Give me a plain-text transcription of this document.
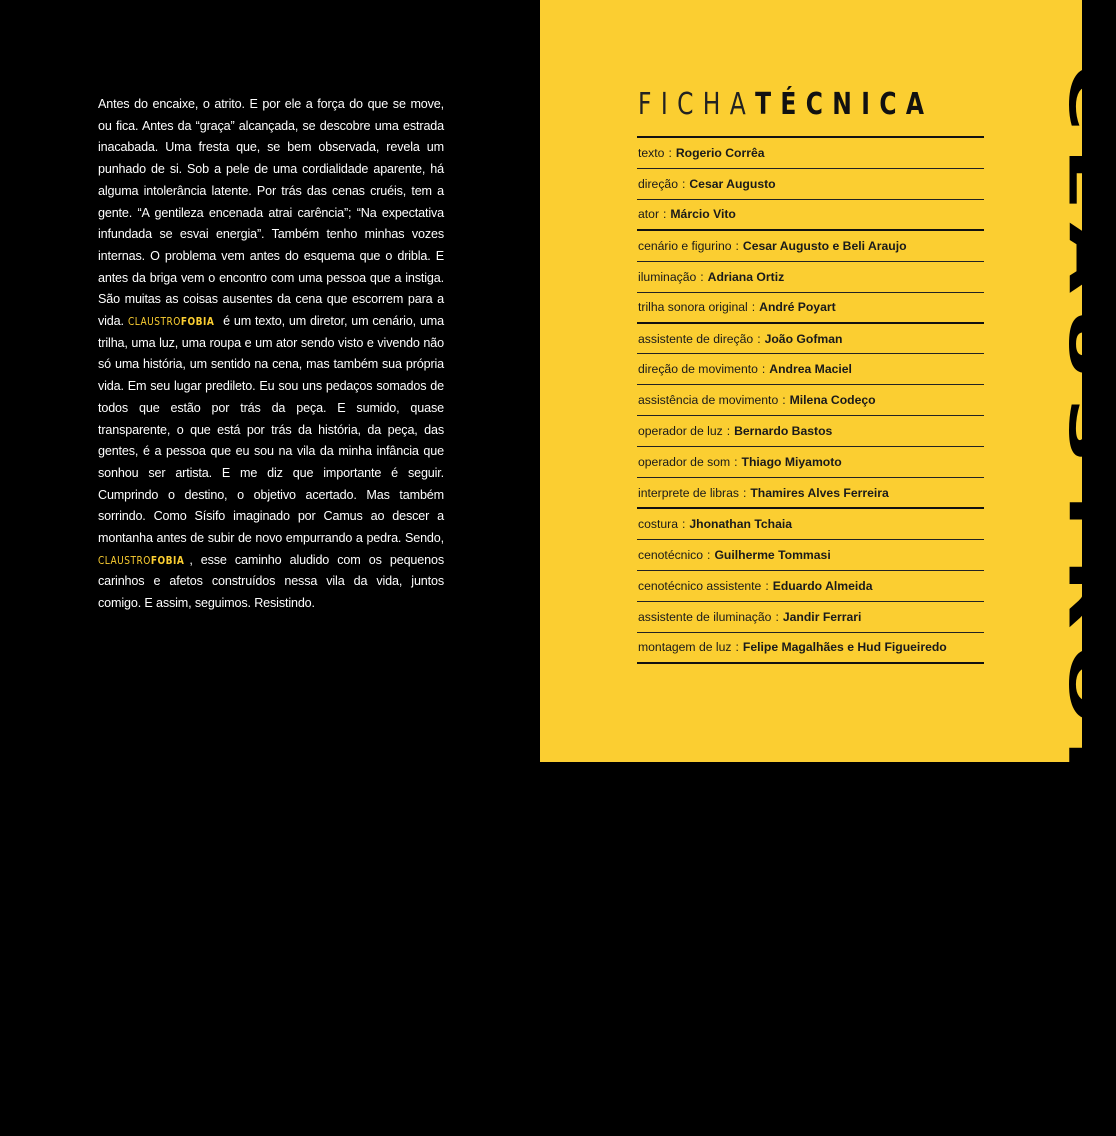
Antes do encaixe, o atrito. E por ele a força do que se move, ou fica. Antes da “graça” alcançada, se descobre uma estrada inacabada. Uma fresta que, se bem observada, revela um punhado de si. Sob a pele de uma cordialidade aparente, há alguma intolerância latente. Por trás das cenas cruéis, tem a gente. “A gentileza encenada atrai carência”; “Na expectativa infundada se esvai energia”. Também tenho minhas vozes internas. O problema vem antes do esquema que o dribla. E antes da briga vem o encontro com uma pessoa que a instiga. São muitas as coisas ausentes da cena que escorrem para a vida. CLAUSTROFOBIA é um texto, um diretor, um cenário, uma trilha, uma luz, uma roupa e um ator sendo visto e vivendo não só uma história, um sentido na cena, mas também sua própria vida. Em seu lugar predileto. Eu sou uns pedaços somados de todos que estão por trás da peça. E sumido, quase transparente, o que está por trás da história, da peça, das gentes, é a pessoa que eu sou na vila da minha infância que sonhou ser artista. E me diz que importante é seguir. Cumprindo o destino, o objetivo acertado. Mas também sorrindo. Como Sísifo imaginado por Camus ao descer a montanha antes de subir de novo empurrando a pedra. Sendo, CLAUSTROFOBIA , esse caminho aludido com os pequenos carinhos e afetos construídos nessa vila da vida, juntos comigo. E assim, seguimos. Resistindo.

FICHATÉCNICA
texto : Rogerio Corrêa
direção : Cesar Augusto
ator : Márcio Vito
cenário e figurino : Cesar Augusto e Beli Araujo
iluminação : Adriana Ortiz
trilha sonora original : André Poyart
assistente de direção : João Gofman
direção de movimento : Andrea Maciel
assistência de movimento : Milena Codeço
operador de luz : Bernardo Bastos
operador de som : Thiago Miyamoto
interprete de libras : Thamires Alves Ferreira
costura : Jhonathan Tchaia
cenotécnico : Guilherme Tommasi
cenotécnico assistente : Eduardo Almeida
assistente de iluminação : Jandir Ferrari
montagem de luz : Felipe Magalhães e Hud Figueiredo
CLAUSTROFOBIA	CLAUSTROFOBIA
